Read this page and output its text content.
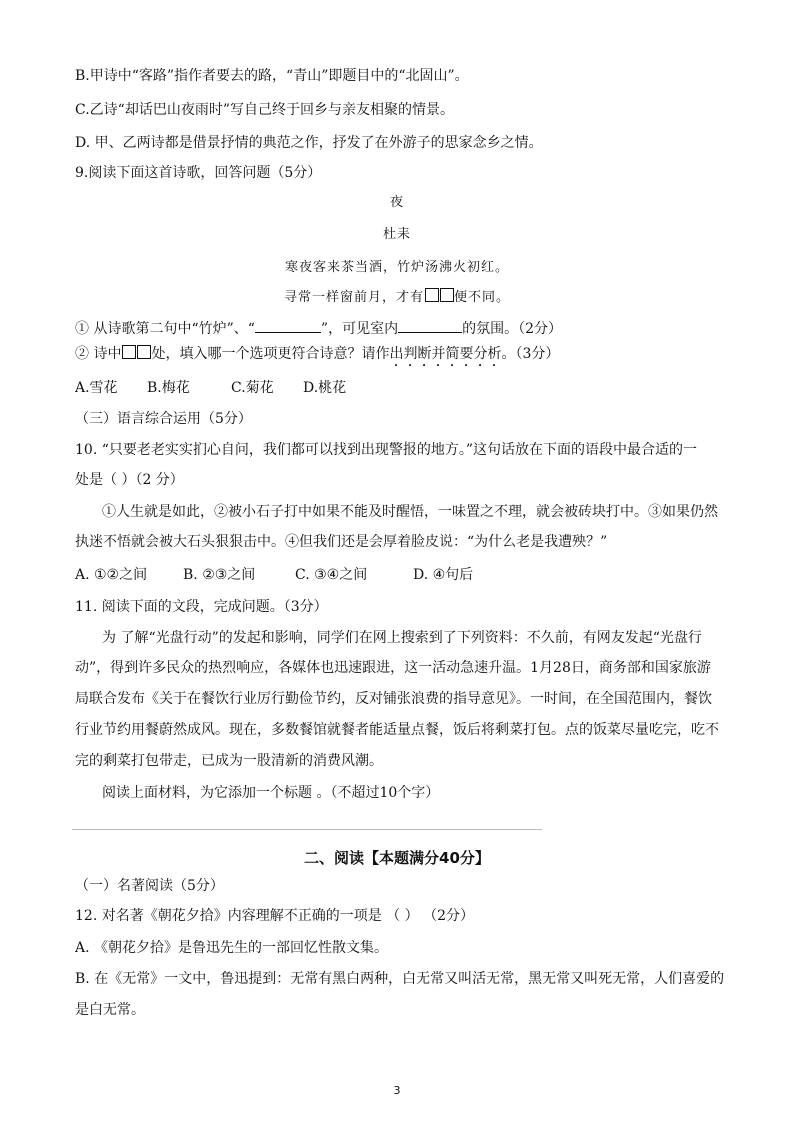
B.甲诗中“客路”指作者要去的路，“青山”即题目中的“北固山”。
C.乙诗“却话巴山夜雨时”写自己终于回乡与亲友相聚的情景。
D. 甲、乙两诗都是借景抒情的典范之作，抒发了在外游子的思家念乡之情。
9.阅读下面这首诗歌，回答问题（5分）
夜
杜耒
寒夜客来茶当酒，竹炉汤沸火初红。
寻常一样窗前月，才有 便不同。
① 从诗歌第二句中“竹炉”、“	”，可见室内	的氛围。（2分）
② 诗中 处，填入哪一个选项更符合诗意？请作出判断并简要分析。（3分）
A.雪花 B.梅花	C.菊花 D.桃花
（三）语言综合运用（5分）
10. “只要老老实实扪心自问，我们都可以找到出现警报的地方。”这句话放在下面的语段中最合适的一
处是（ ）（2 分）
①人生就是如此，②被小石子打中如果不能及时醒悟，一味置之不理，就会被砖块打中。③如果仍然
执迷不悟就会被大石头狠狠击中。④但我们还是会厚着脸皮说：“为什么老是我遭殃？”
A. ①②之间	B. ②③之间	C. ③④之间	D. ④句后
11. 阅读下面的文段，完成问题。（3分）
为 了解“光盘行动”的发起和影响，同学们在网上搜索到了下列资料：不久前，有网友发起“光盘行
动”，得到许多民众的热烈响应，各媒体也迅速跟进，这一活动急速升温。1月28日，商务部和国家旅游
局联合发布《关于在餐饮行业厉行勤俭节约，反对铺张浪费的指导意见》。一时间，在全国范围内，餐饮
行业节约用餐蔚然成风。现在，多数餐馆就餐者能适量点餐，饭后将剩菜打包。点的饭菜尽量吃完，吃不
完的剩菜打包带走，已成为一股清新的消费风潮。
阅读上面材料，为它添加一个标题 。（不超过10个字）
二、阅读【本题满分40分】
（一）名著阅读（5分）
12. 对名著《朝花夕拾》内容理解不正确的一项是 （ ） （2分）
A. 《朝花夕拾》是鲁迅先生的一部回忆性散文集。
B. 在《无常》一文中，鲁迅提到：无常有黑白两种，白无常又叫活无常，黑无常又叫死无常，人们喜爱的
是白无常。
3
